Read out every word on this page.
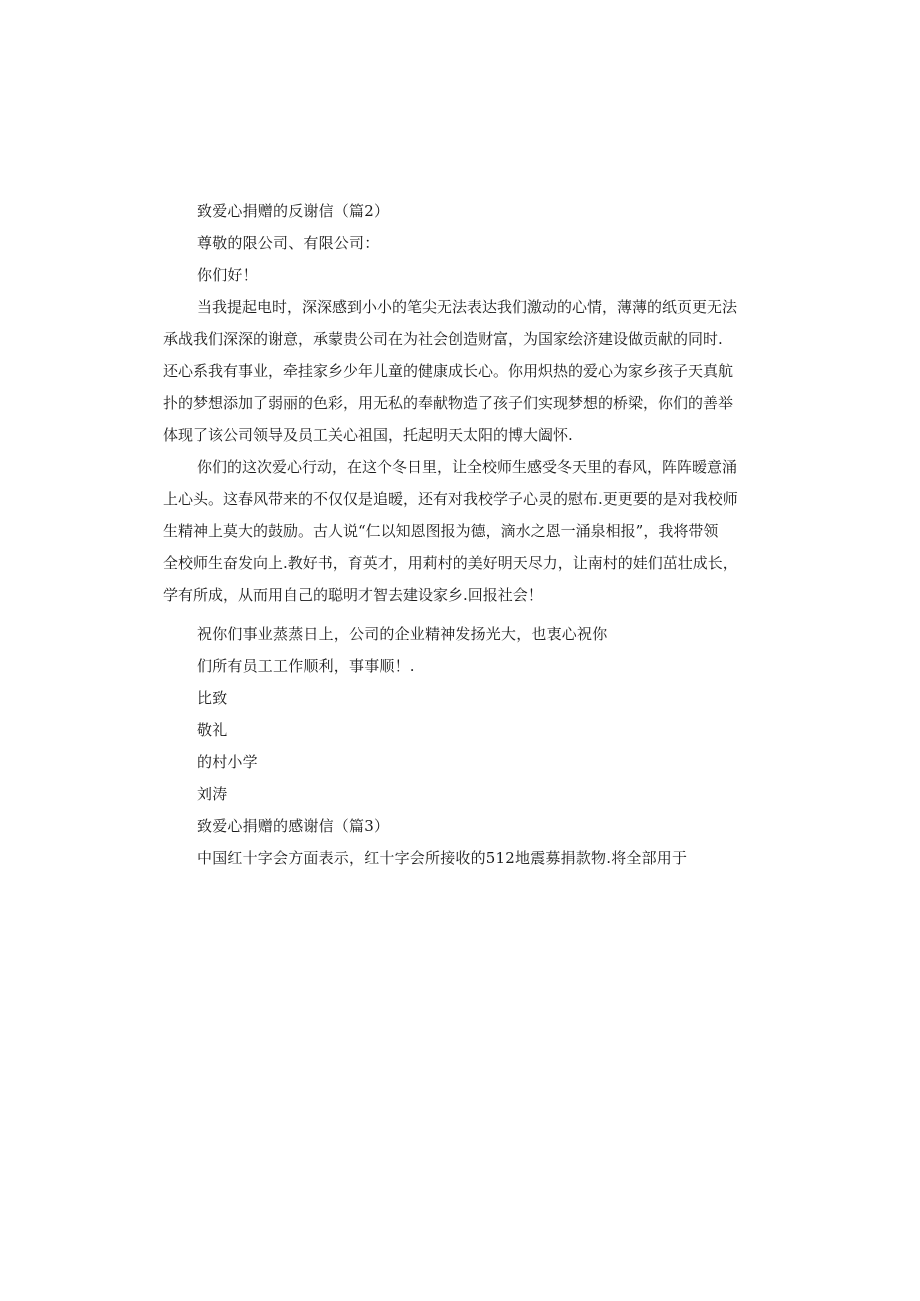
致爱心捐赠的反谢信（篇2）
尊敬的限公司、有限公司：
你们好！
当我提起电时，深深感到小小的笔尖无法表达我们激动的心情，薄薄的纸页更无法
承战我们深深的谢意，承蒙贵公司在为社会创造财富，为国家绘济建设做贡献的同时.
还心系我有事业，牵挂家乡少年儿童的健康成长心。你用炽热的爱心为家乡孩子天真航
扑的梦想添加了弱丽的色彩，用无私的奉献物造了孩子们实现梦想的桥梁，你们的善举
体现了该公司领导及员工关心祖国，托起明天太阳的博大阖怀.
你们的这次爱心行动，在这个冬日里，让全校师生感受冬天里的春风，阵阵暧意涌
上心头。这春风带来的不仅仅是追暧，还有对我校学子心灵的慰布.更更要的是对我校师
生精神上莫大的鼓励。古人说“仁以知恩图报为德，滴水之恩一涌泉相报”，我将带领
全校师生奋发向上.教好书，育英才，用莉村的美好明天尽力，让南村的娃们茁壮成长，
学有所成，从而用自己的聪明才智去建设家乡.回报社会！
祝你们事业蒸蒸日上，公司的企业精神发扬光大，也衷心祝你
们所有员工工作顺利，事事顺！.
比致
敬礼
的村小学
刘涛
致爱心捐赠的感谢信（篇3）
中国红十字会方面表示，红十字会所接收的512地震募捐款物.将全部用于
